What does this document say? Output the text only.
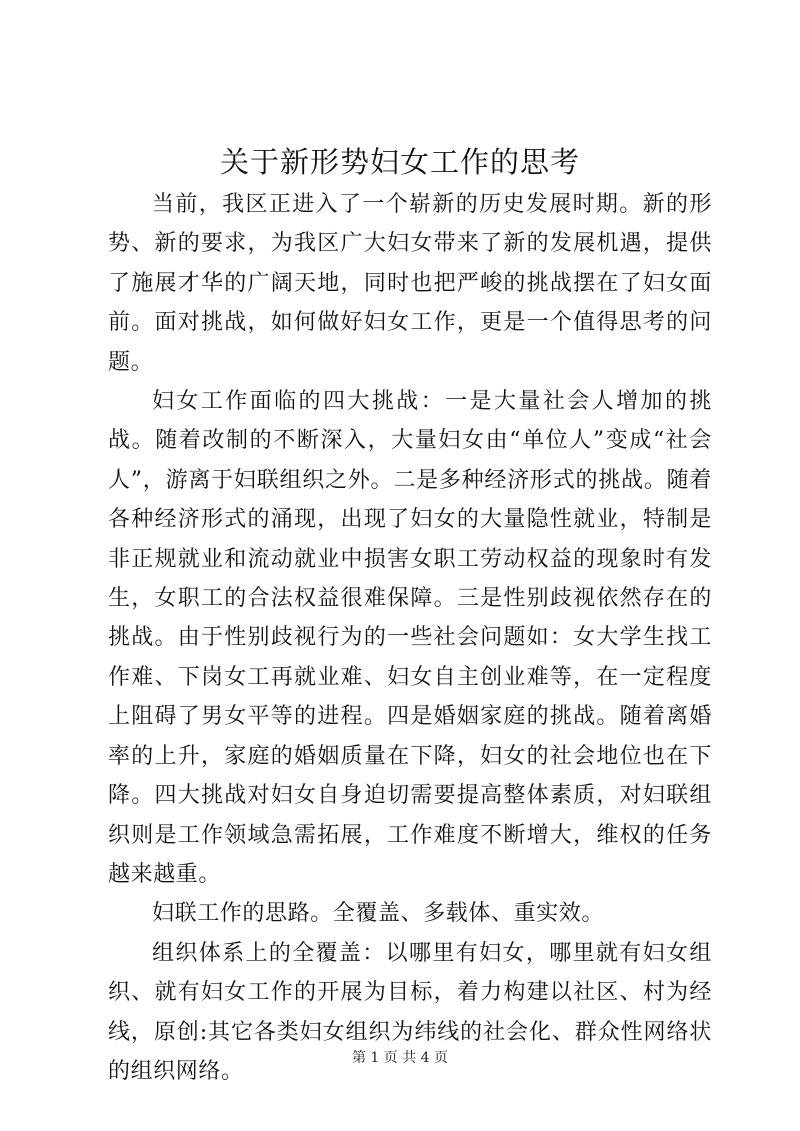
关于新形势妇女工作的思考

当前，我区正进入了一个崭新的历史发展时期。新的形势、新的要求，为我区广大妇女带来了新的发展机遇，提供了施展才华的广阔天地，同时也把严峻的挑战摆在了妇女面前。面对挑战，如何做好妇女工作，更是一个值得思考的问题。

妇女工作面临的四大挑战：一是大量社会人增加的挑战。随着改制的不断深入，大量妇女由“单位人”变成“社会人”，游离于妇联组织之外。二是多种经济形式的挑战。随着各种经济形式的涌现，出现了妇女的大量隐性就业，特制是非正规就业和流动就业中损害女职工劳动权益的现象时有发生，女职工的合法权益很难保障。三是性别歧视依然存在的挑战。由于性别歧视行为的一些社会问题如：女大学生找工作难、下岗女工再就业难、妇女自主创业难等，在一定程度上阻碍了男女平等的进程。四是婚姻家庭的挑战。随着离婚率的上升，家庭的婚姻质量在下降，妇女的社会地位也在下降。四大挑战对妇女自身迫切需要提高整体素质，对妇联组织则是工作领域急需拓展，工作难度不断增大，维权的任务越来越重。

妇联工作的思路。全覆盖、多载体、重实效。

组织体系上的全覆盖：以哪里有妇女，哪里就有妇女组织、就有妇女工作的开展为目标，着力构建以社区、村为经线，原创:其它各类妇女组织为纬线的社会化、群众性网络状的组织网络。

第 1 页 共 4 页
